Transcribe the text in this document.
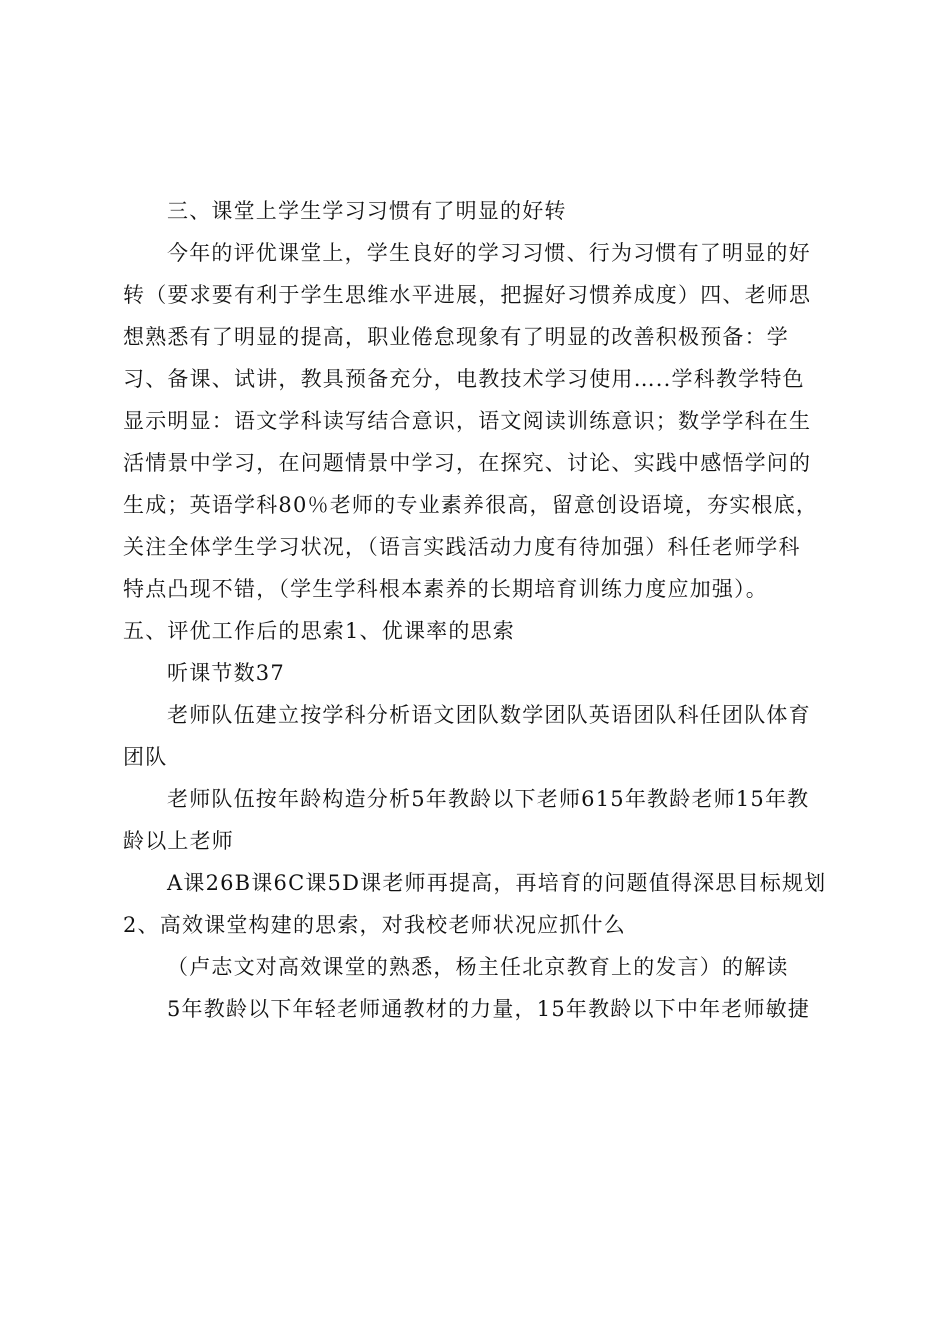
三、课堂上学生学习习惯有了明显的好转
今年的评优课堂上，学生良好的学习习惯、行为习惯有了明显的好
转（要求要有利于学生思维水平进展，把握好习惯养成度）四、老师思
想熟悉有了明显的提高，职业倦怠现象有了明显的改善积极预备：学
习、备课、试讲，教具预备充分，电教技术学习使用…..学科教学特色
显示明显：语文学科读写结合意识，语文阅读训练意识；数学学科在生
活情景中学习，在问题情景中学习，在探究、讨论、实践中感悟学问的
生成；英语学科80％老师的专业素养很高，留意创设语境，夯实根底，
关注全体学生学习状况，（语言实践活动力度有待加强）科任老师学科
特点凸现不错，（学生学科根本素养的长期培育训练力度应加强）。
五、评优工作后的思索1、优课率的思索
听课节数37
老师队伍建立按学科分析语文团队数学团队英语团队科任团队体育
团队
老师队伍按年龄构造分析5年教龄以下老师615年教龄老师15年教
龄以上老师
A课26B课6C课5D课老师再提高，再培育的问题值得深思目标规划
2、高效课堂构建的思索，对我校老师状况应抓什么
（卢志文对高效课堂的熟悉，杨主任北京教育上的发言）的解读
5年教龄以下年轻老师通教材的力量，15年教龄以下中年老师敏捷
